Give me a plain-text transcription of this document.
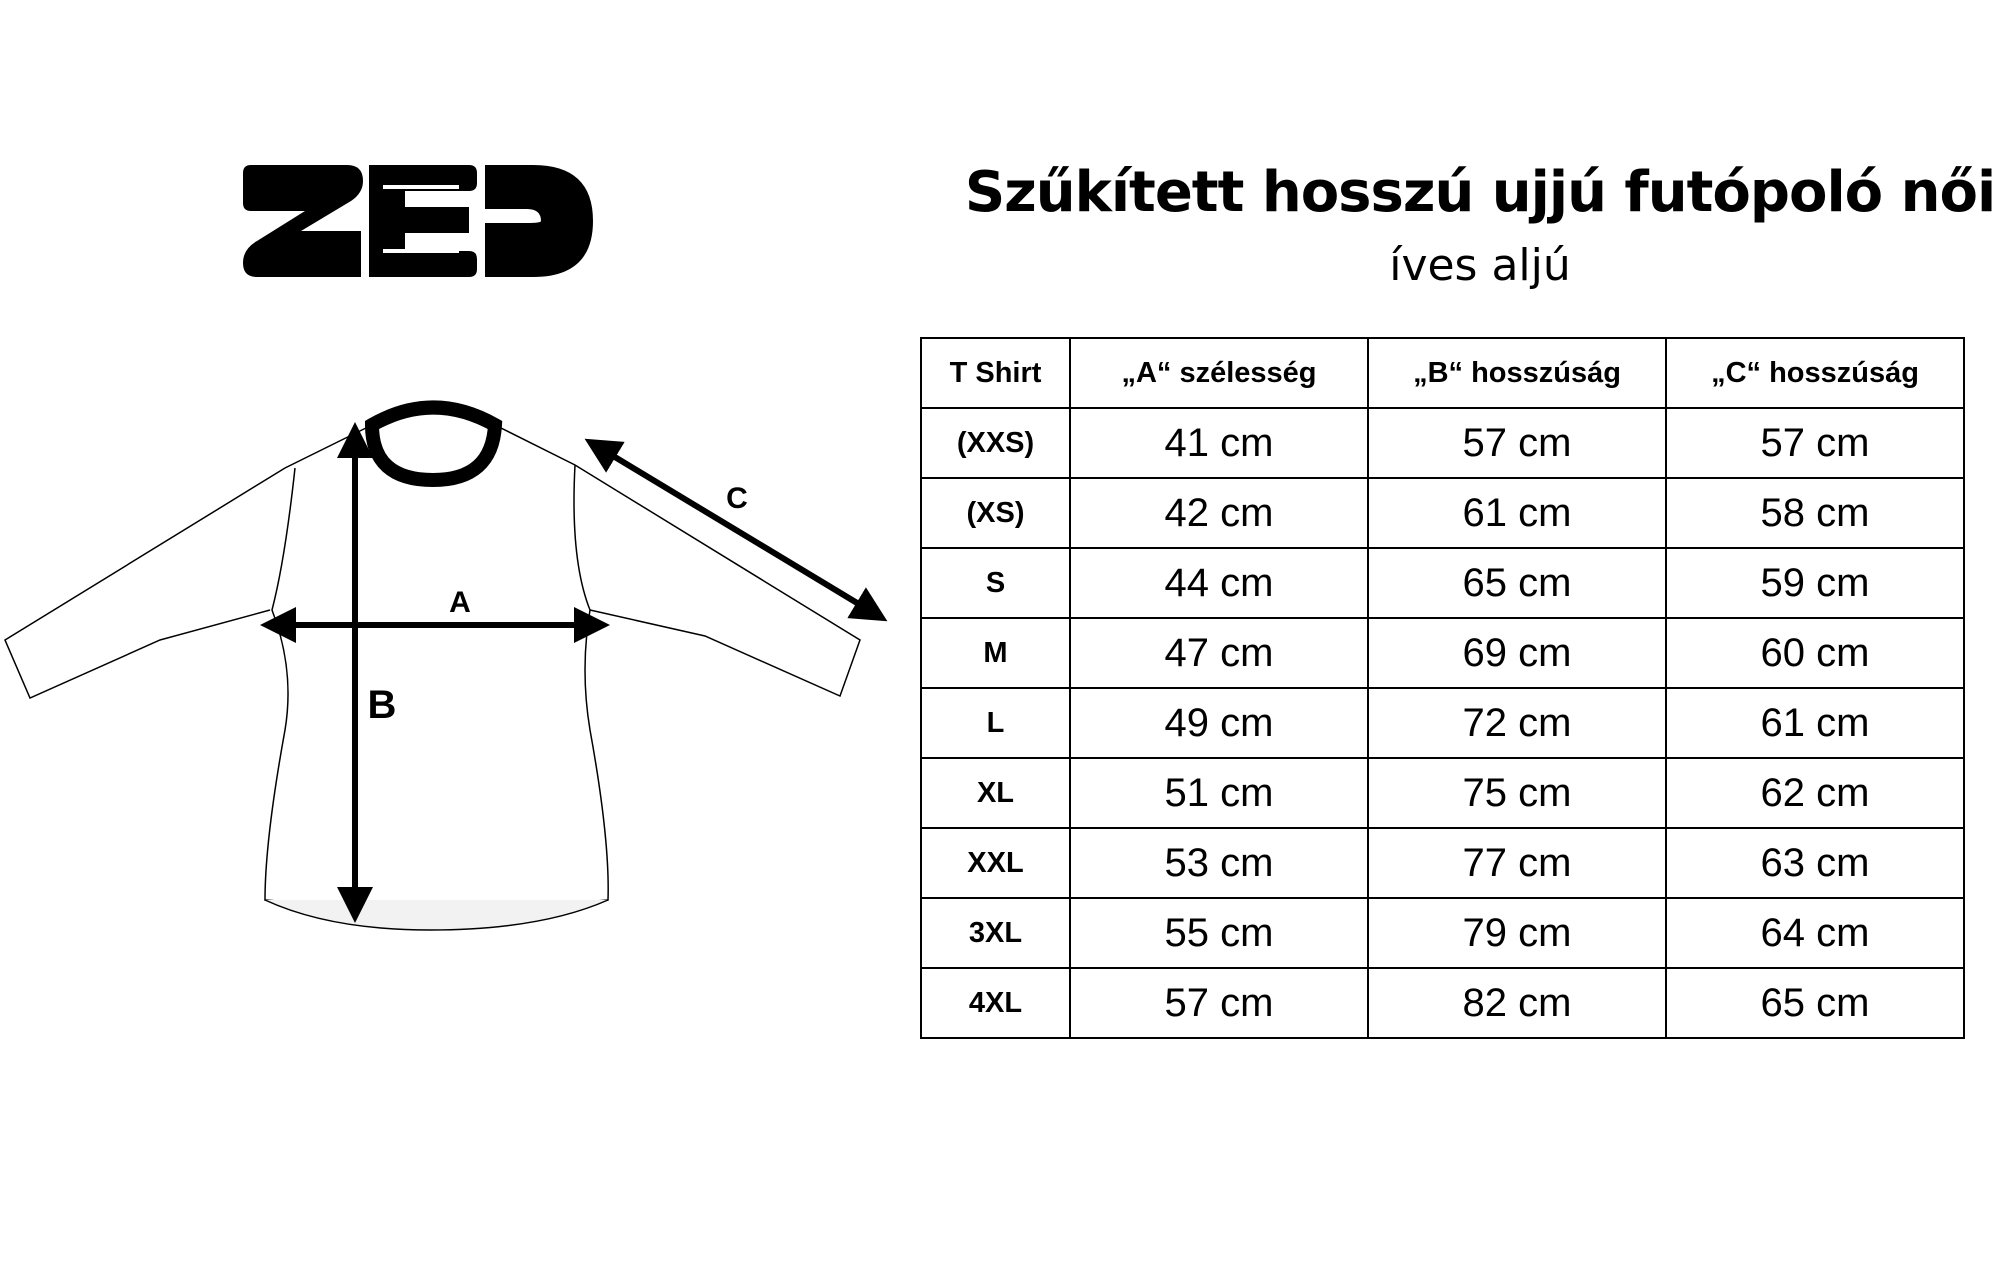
Szűkített hosszú ujjú futópoló női
íves aljú
A
B
C
T Shirt	„A“ szélesség	„B“ hosszúság	„C“ hosszúság
(XXS)	41 cm	57 cm	57 cm
(XS)	42 cm	61 cm	58 cm
S	44 cm	65 cm	59 cm
M	47 cm	69 cm	60 cm
L	49 cm	72 cm	61 cm
XL	51 cm	75 cm	62 cm
XXL	53 cm	77 cm	63 cm
3XL	55 cm	79 cm	64 cm
4XL	57 cm	82 cm	65 cm
